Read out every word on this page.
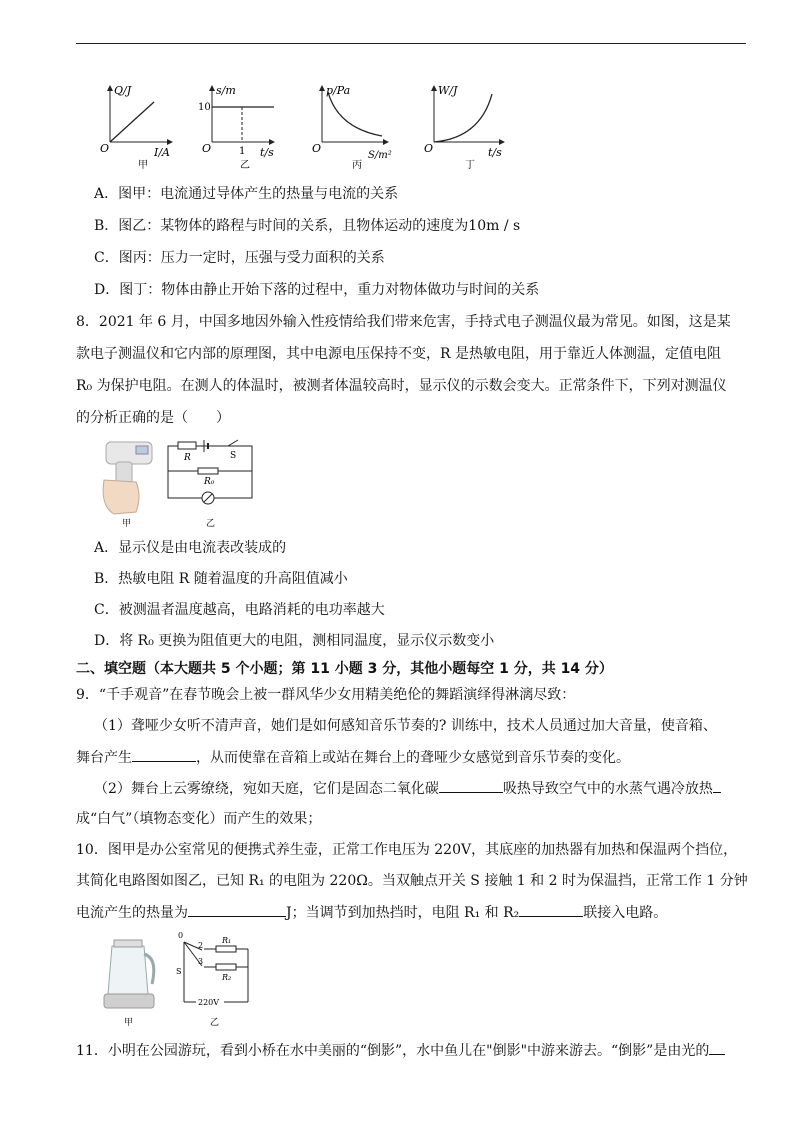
Q/J
I/A
O
甲
s/m
10
1 t/s
O
乙
p/Pa
S/m²
O
丙
W/J
t/s
O
丁
A．图甲：电流通过导体产生的热量与电流的关系
B．图乙：某物体的路程与时间的关系，且物体运动的速度为10m / s
C．图丙：压力一定时，压强与受力面积的关系
D．图丁：物体由静止开始下落的过程中，重力对物体做功与时间的关系
8．2021 年 6 月，中国多地因外输入性疫情给我们带来危害，手持式电子测温仪最为常见。如图，这是某
款电子测温仪和它内部的原理图，其中电源电压保持不变，R 是热敏电阻，用于靠近人体测温，定值电阻
R₀ 为保护电阻。在测人的体温时，被测者体温较高时，显示仪的示数会变大。正常条件下，下列对测温仪
的分析正确的是（　　）
甲
R	S
R₀
乙
A．显示仪是由电流表改装成的
B．热敏电阻 R 随着温度的升高阻值减小
C．被测温者温度越高，电路消耗的电功率越大
D．将 R₀ 更换为阻值更大的电阻，测相同温度，显示仪示数变小
二、填空题（本大题共 5 个小题；第 11 小题 3 分，其他小题每空 1 分，共 14 分）
9．“千手观音”在春节晚会上被一群风华少女用精美绝伦的舞蹈演绎得淋漓尽致：
（1）聋哑少女听不清声音，她们是如何感知音乐节奏的? 训练中，技术人员通过加大音量，使音箱、
舞台产生	，从而使靠在音箱上或站在舞台上的聋哑少女感觉到音乐节奏的变化。
（2）舞台上云雾缭绕，宛如天庭，它们是固态二氧化碳	吸热导致空气中的水蒸气遇冷放热
成“白气”（填物态变化）而产生的效果；
10．图甲是办公室常见的便携式养生壶，正常工作电压为 220V，其底座的加热器有加热和保温两个挡位，
其简化电路图如图乙，已知 R₁ 的电阻为 220Ω。当双触点开关 S 接触 1 和 2 时为保温挡，正常工作 1 分钟
电流产生的热量为	J；当调节到加热挡时，电阻 R₁ 和 R₂	联接入电路。
甲
0
2
3
S
R₁
R₂
220V
乙
11．小明在公园游玩，看到小桥在水中美丽的“倒影”，水中鱼儿在"倒影"中游来游去。“倒影”是由光的
